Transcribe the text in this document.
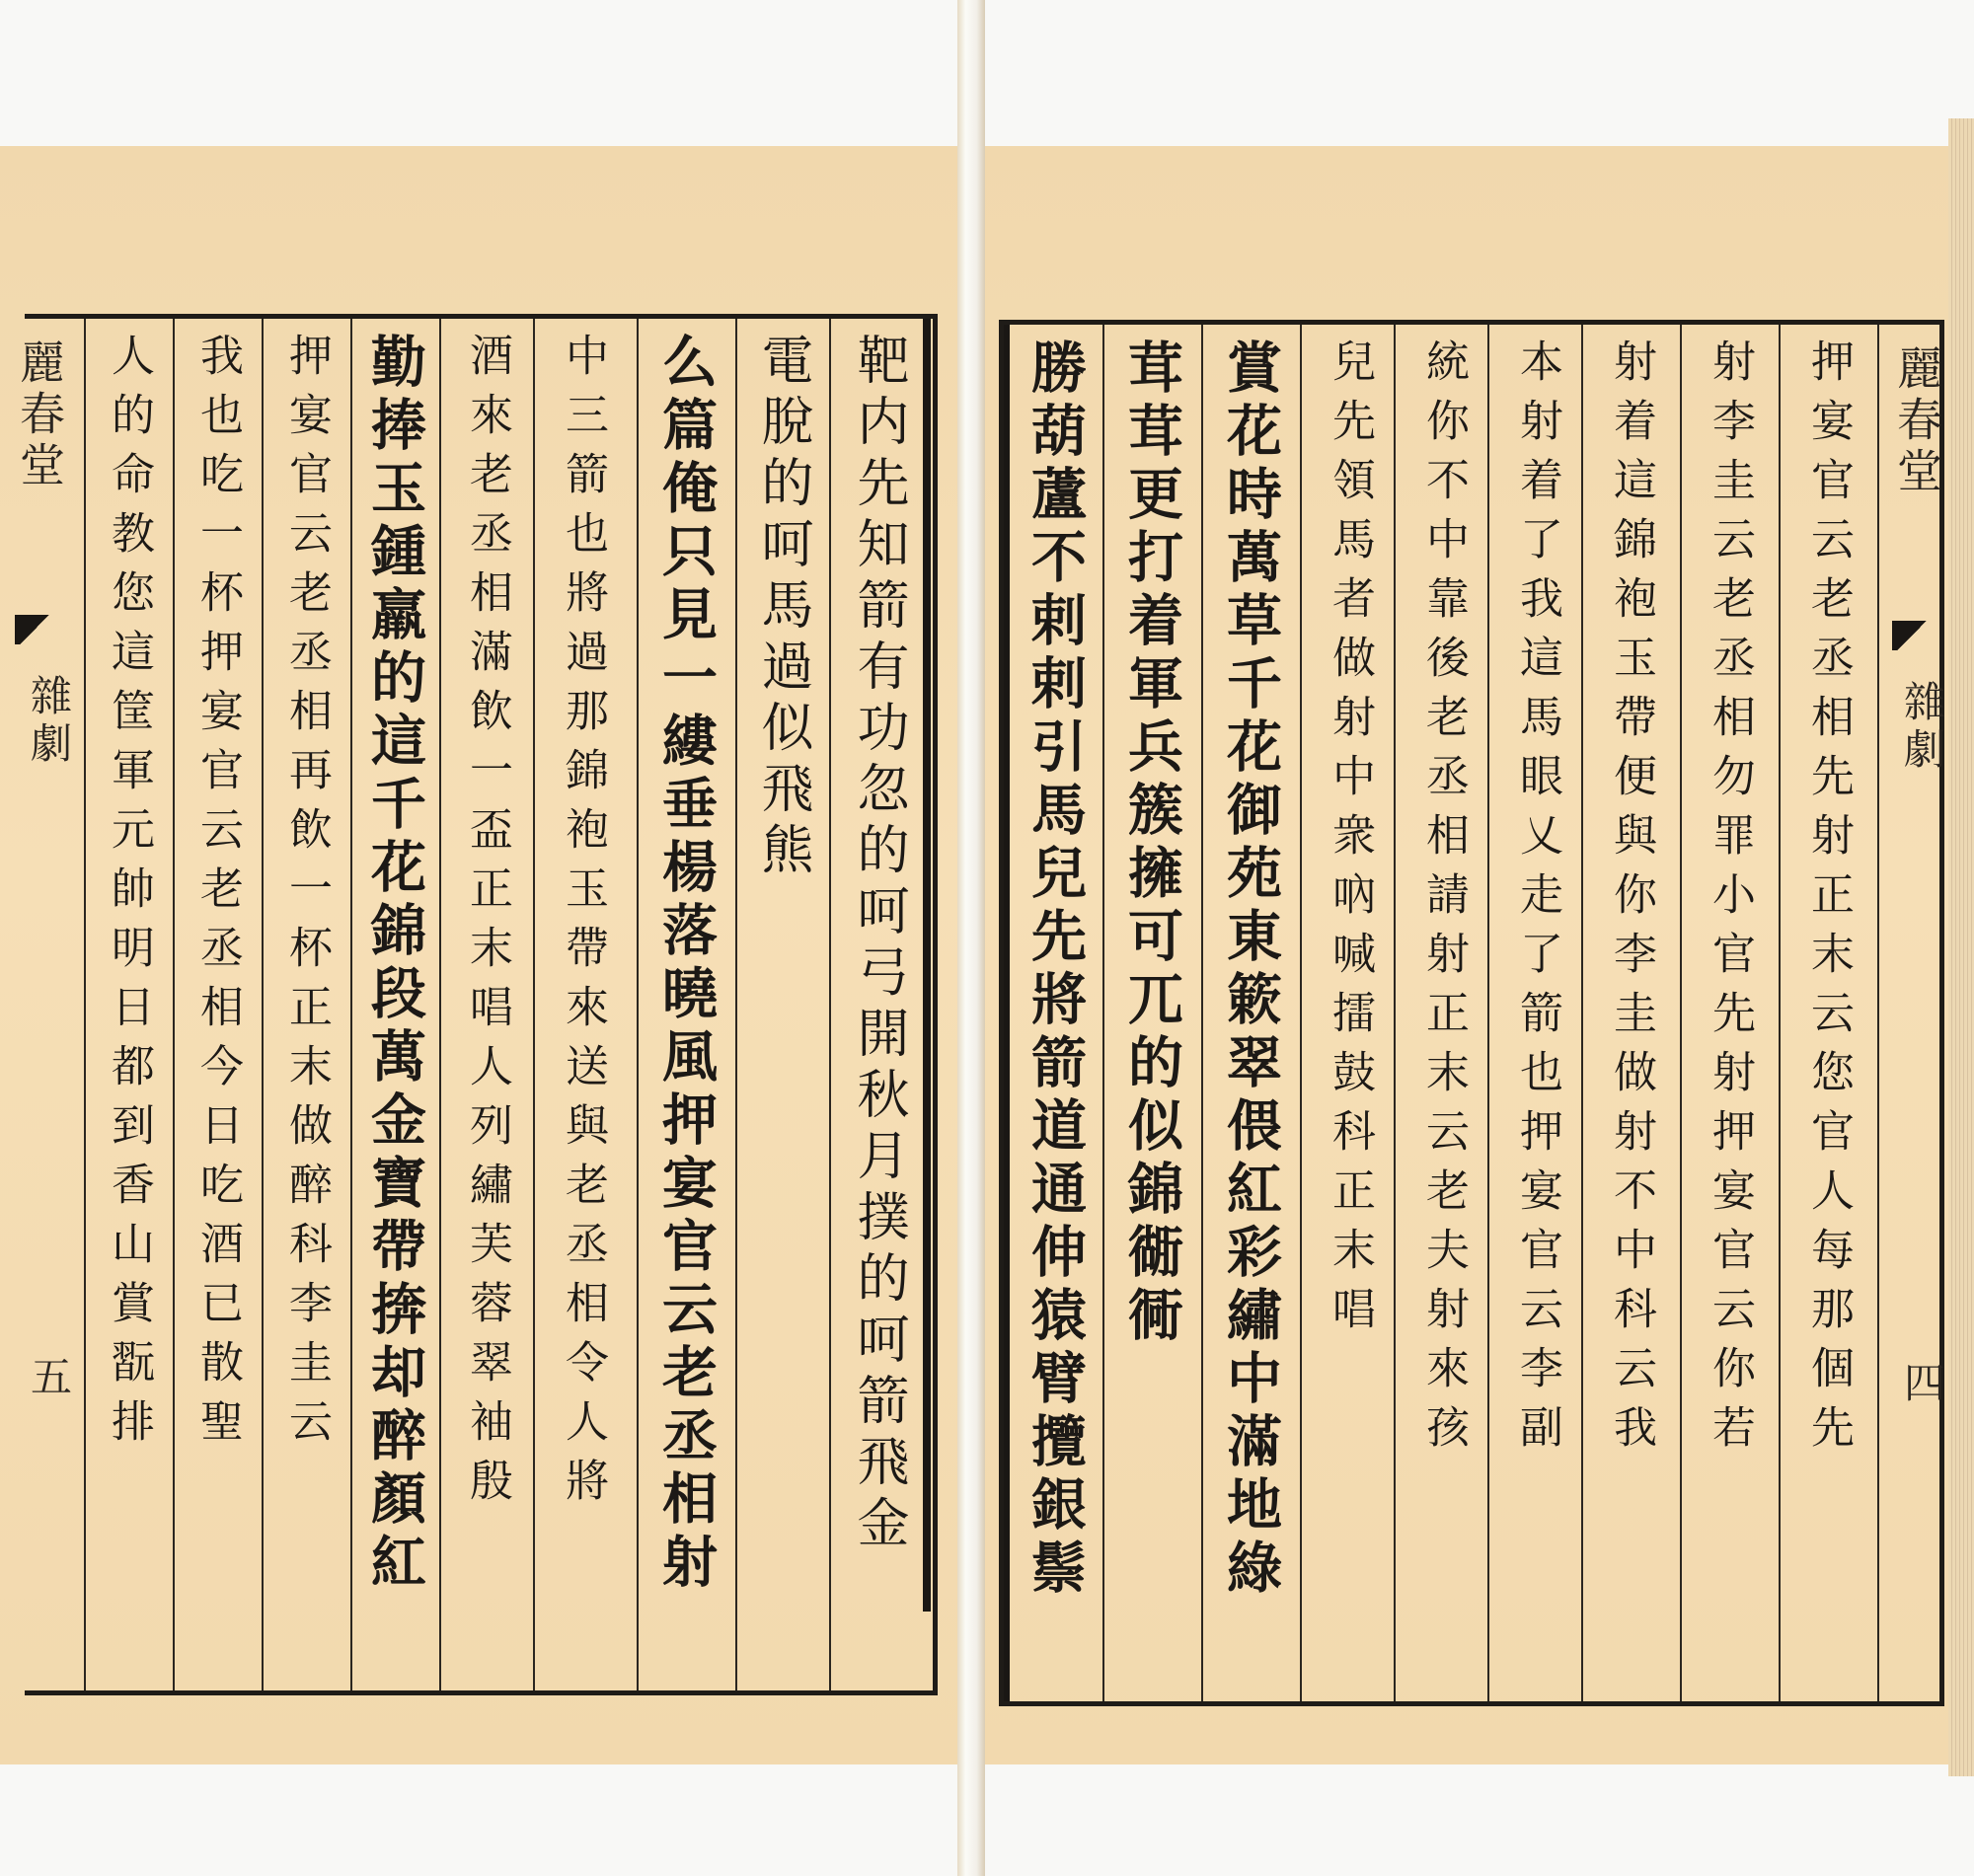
麗春堂
雜劇
五	靶内先知箭有功忽的呵弓開秋月撲的呵箭飛金
電脫的呵馬過似飛熊
么篇俺只見一縷垂楊落曉風押宴官云老丞相射
中三箭也將過那錦袍玉帶來送與老丞相令人將
酒來老丞相滿飲一盃正末唱人列繡芙蓉翠袖殷
勤捧玉鍾羸的這千花錦段萬金寶帶捹却醉顏紅
押宴官云老丞相再飲一杯正末做醉科李圭云
我也吃一杯押宴官云老丞相今日吃酒已散聖
人的命教您這筐軍元帥明日都到香山賞翫排	押宴官云老丞相先射正末云您官人每那個先
射李圭云老丞相勿罪小官先射押宴官云你若
射着這錦袍玉帶便與你李圭做射不中科云我
本射着了我這馬眼乂走了箭也押宴官云李副
統你不中靠後老丞相請射正末云老夫射來孩
兒先領馬者做射中衆吶喊擂鼓科正末唱
賞花時萬草千花御苑東簌翠偎紅彩繡中滿地綠
茸茸更打着軍兵簇擁可兀的似錦衚衕
勝葫蘆不剌剌引馬兒先將箭道通伸猿臂攬銀鬃	麗春堂
雜劇
四
